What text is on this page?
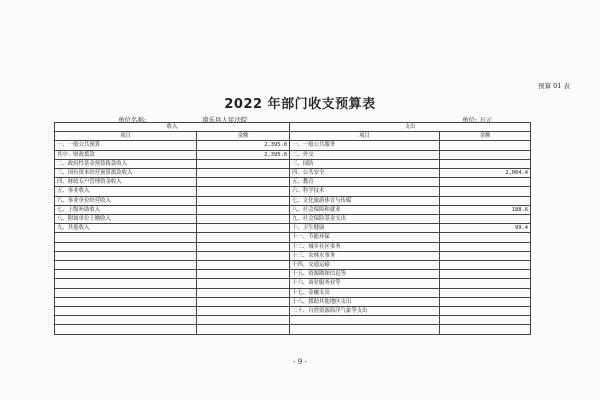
预算 01 表
2022 年部门收支预算表
单位名称:	南乐县人民法院	单位: 万元
收入		支出	
项目	金额	项目	金额
一、一般公共预算	2,395.0	一、一般公共服务	
其中：财政拨款	2,395.0	二、外交	
二、政府性基金预算拨款收入		三、国防	
三、国有资本经营预算拨款收入		四、公共安全	2,004.4
四、财政专户管理资金收入		五、教育	
五、事业收入		六、科学技术	
六、事业单位经营收入		七、文化旅游体育与传媒	
七、上级补助收入		八、社会保障和就业	188.6
八、附属单位上缴收入		九、社会保险基金支出	
九、其他收入		十、卫生健康	99.4
		十一、节能环保	
		十二、城乡社区事务	
		十三、农林水事务	
		十四、交通运输	
		十五、资源勘探信息等	
		十六、商业服务业等	
		十七、金融支出	
		十八、援助其他地区支出	
		二十、自然资源海洋气象等支出	

- 9 -
